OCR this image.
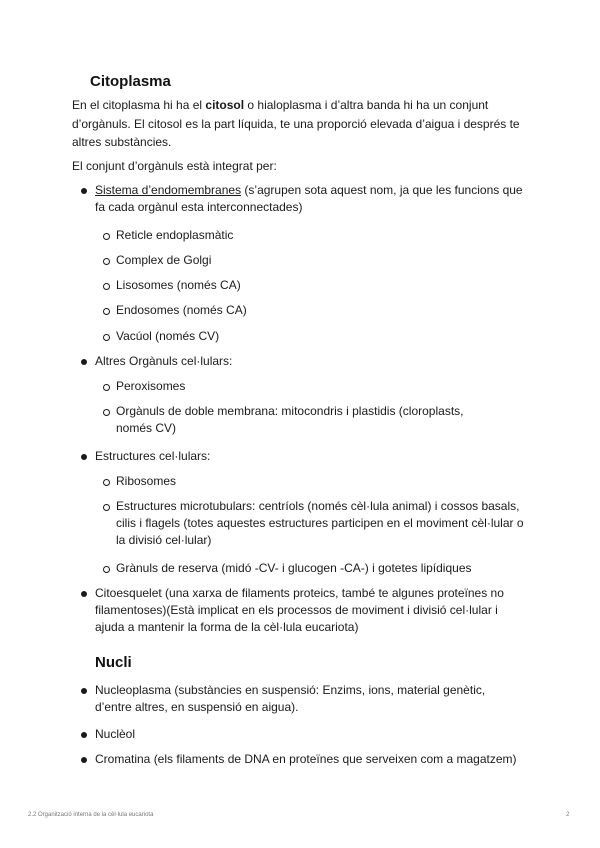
Citoplasma
En el citoplasma hi ha el citosol o hialoplasma i d’altra banda hi ha un conjunt d’orgànuls. El citosol es la part líquida, te una proporció elevada d’aigua i després te altres substàncies.
El conjunt d’orgànuls està integrat per:
Sistema d’endomembranes (s’agrupen sota aquest nom, ja que les funcions que fa cada orgànul esta interconnectades)
Reticle endoplasmàtic
Complex de Golgi
Lisosomes (només CA)
Endosomes (només CA)
Vacúol (només CV)
Altres Orgànuls cel·lulars:
Peroxisomes
Orgànuls de doble membrana: mitocondris i plastidis (cloroplasts, només CV)
Estructures cel·lulars:
Ribosomes
Estructures microtubulars: centríols (només cèl·lula animal) i cossos basals, cilis i flagels (totes aquestes estructures participen en el moviment cèl·lular o la divisió cel·lular)
Grànuls de reserva (midó -CV- i glucogen -CA-) i gotetes lipídiques
Citoesquelet (una xarxa de filaments proteics, també te algunes proteïnes no filamentoses)(Està implicat en els processos de moviment i divisió cel·lular i ajuda a mantenir la forma de la cèl·lula eucariota)
Nucli
Nucleoplasma (substàncies en suspensió: Enzims, ions, material genètic, d’entre altres, en suspensió en aigua).
Nuclèol
Cromatina (els filaments de DNA en proteïnes que serveixen com a magatzem)
2.2 Organització interna de la cèl·lula eucariota	2
